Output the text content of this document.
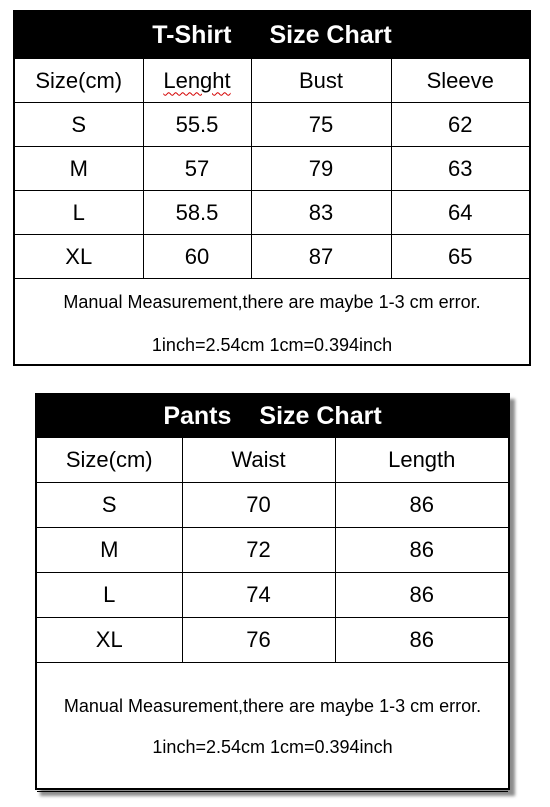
T-Shirt Size Chart
Size(cm)	Lenght	Bust	Sleeve
S	55.5	75	62
M	57	79	63
L	58.5	83	64
XL	60	87	65

Manual Measurement,there are maybe 1-3 cm error.
1inch=2.54cm 1cm=0.394inch			
Pants Size Chart
Size(cm)	Waist	Length
S	70	86
M	72	86
L	74	86
XL	76	86

Manual Measurement,there are maybe 1-3 cm error.
1inch=2.54cm 1cm=0.394inch		
